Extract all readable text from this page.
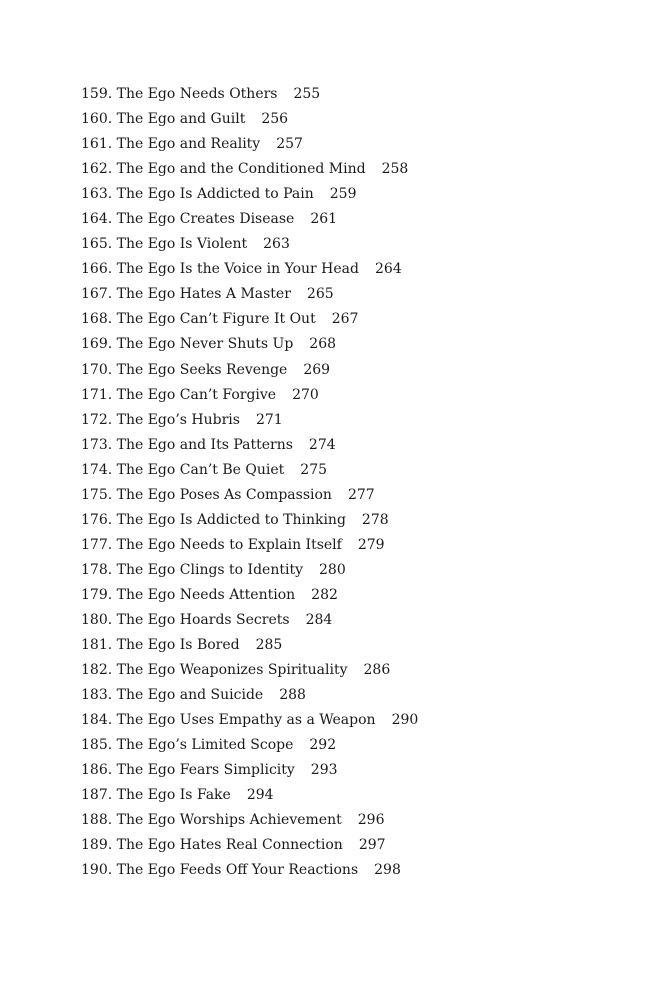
159. The Ego Needs Others 255
160. The Ego and Guilt 256
161. The Ego and Reality 257
162. The Ego and the Conditioned Mind 258
163. The Ego Is Addicted to Pain 259
164. The Ego Creates Disease 261
165. The Ego Is Violent 263
166. The Ego Is the Voice in Your Head 264
167. The Ego Hates A Master 265
168. The Ego Can’t Figure It Out 267
169. The Ego Never Shuts Up 268
170. The Ego Seeks Revenge 269
171. The Ego Can’t Forgive 270
172. The Ego’s Hubris 271
173. The Ego and Its Patterns 274
174. The Ego Can’t Be Quiet 275
175. The Ego Poses As Compassion 277
176. The Ego Is Addicted to Thinking 278
177. The Ego Needs to Explain Itself 279
178. The Ego Clings to Identity 280
179. The Ego Needs Attention 282
180. The Ego Hoards Secrets 284
181. The Ego Is Bored 285
182. The Ego Weaponizes Spirituality 286
183. The Ego and Suicide 288
184. The Ego Uses Empathy as a Weapon 290
185. The Ego’s Limited Scope 292
186. The Ego Fears Simplicity 293
187. The Ego Is Fake 294
188. The Ego Worships Achievement 296
189. The Ego Hates Real Connection 297
190. The Ego Feeds Off Your Reactions 298
